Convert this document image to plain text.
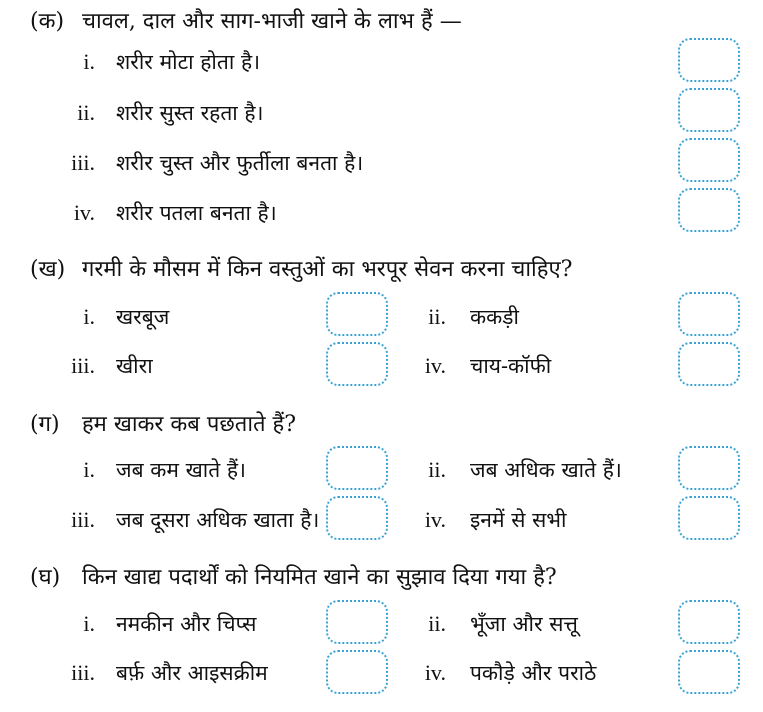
(क) चावल, दाल और साग-भाजी खाने के लाभ हैं —
i. शरीर मोटा होता है।
ii. शरीर सुस्त रहता है।
iii. शरीर चुस्त और फुर्तीला बनता है।
iv. शरीर पतला बनता है।
(ख) गरमी के मौसम में किन वस्तुओं का भरपूर सेवन करना चाहिए?
i. खरबूज	ii. ककड़ी
iii. खीरा	iv. चाय-कॉफी
(ग) हम खाकर कब पछताते हैं?
i. जब कम खाते हैं।	ii. जब अधिक खाते हैं।
iii. जब दूसरा अधिक खाता है।	iv. इनमें से सभी
(घ) किन खाद्य पदार्थों को नियमित खाने का सुझाव दिया गया है?
i. नमकीन और चिप्स	ii. भूँजा और सत्तू
iii. बर्फ़ और आइसक्रीम	iv. पकौड़े और पराठे
